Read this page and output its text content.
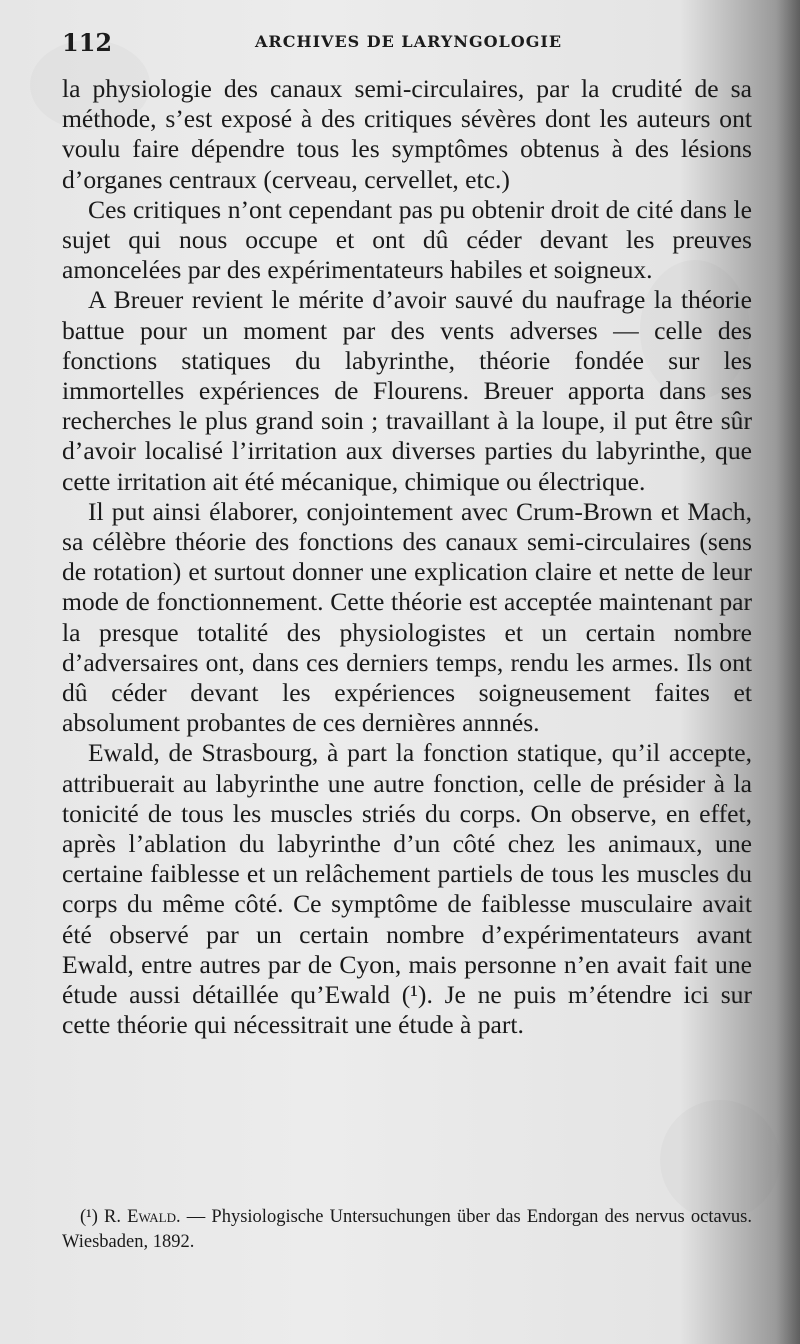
112	ARCHIVES DE LARYNGOLOGIE

la physiologie des canaux semi-circulaires, par la crudité de sa méthode, s’est exposé à des critiques sévères dont les auteurs ont voulu faire dépendre tous les symptômes obtenus à des lésions d’organes centraux (cerveau, cervellet, etc.)

Ces critiques n’ont cependant pas pu obtenir droit de cité dans le sujet qui nous occupe et ont dû céder devant les preuves amoncelées par des expérimentateurs habiles et soigneux.

A Breuer revient le mérite d’avoir sauvé du naufrage la théorie battue pour un moment par des vents adverses — celle des fonctions statiques du labyrinthe, théorie fondée sur les immortelles expériences de Flourens. Breuer apporta dans ses recherches le plus grand soin ; travaillant à la loupe, il put être sûr d’avoir localisé l’irritation aux diverses parties du labyrinthe, que cette irritation ait été mécanique, chimique ou électrique.

Il put ainsi élaborer, conjointement avec Crum-Brown et Mach, sa célèbre théorie des fonctions des canaux semi-circulaires (sens de rotation) et surtout donner une explication claire et nette de leur mode de fonctionnement. Cette théorie est acceptée maintenant par la presque totalité des physiologistes et un certain nombre d’adversaires ont, dans ces derniers temps, rendu les armes. Ils ont dû céder devant les expériences soigneusement faites et absolument probantes de ces dernières annnés.

Ewald, de Strasbourg, à part la fonction statique, qu’il accepte, attribuerait au labyrinthe une autre fonction, celle de présider à la tonicité de tous les muscles striés du corps. On observe, en effet, après l’ablation du labyrinthe d’un côté chez les animaux, une certaine faiblesse et un relâchement partiels de tous les muscles du corps du même côté. Ce symptôme de faiblesse musculaire avait été observé par un certain nombre d’expérimentateurs avant Ewald, entre autres par de Cyon, mais personne n’en avait fait une étude aussi détaillée qu’Ewald (¹). Je ne puis m’étendre ici sur cette théorie qui nécessitrait une étude à part.

(¹) R. Ewald. — Physiologische Untersuchungen über das Endorgan des nervus octavus. Wiesbaden, 1892.
